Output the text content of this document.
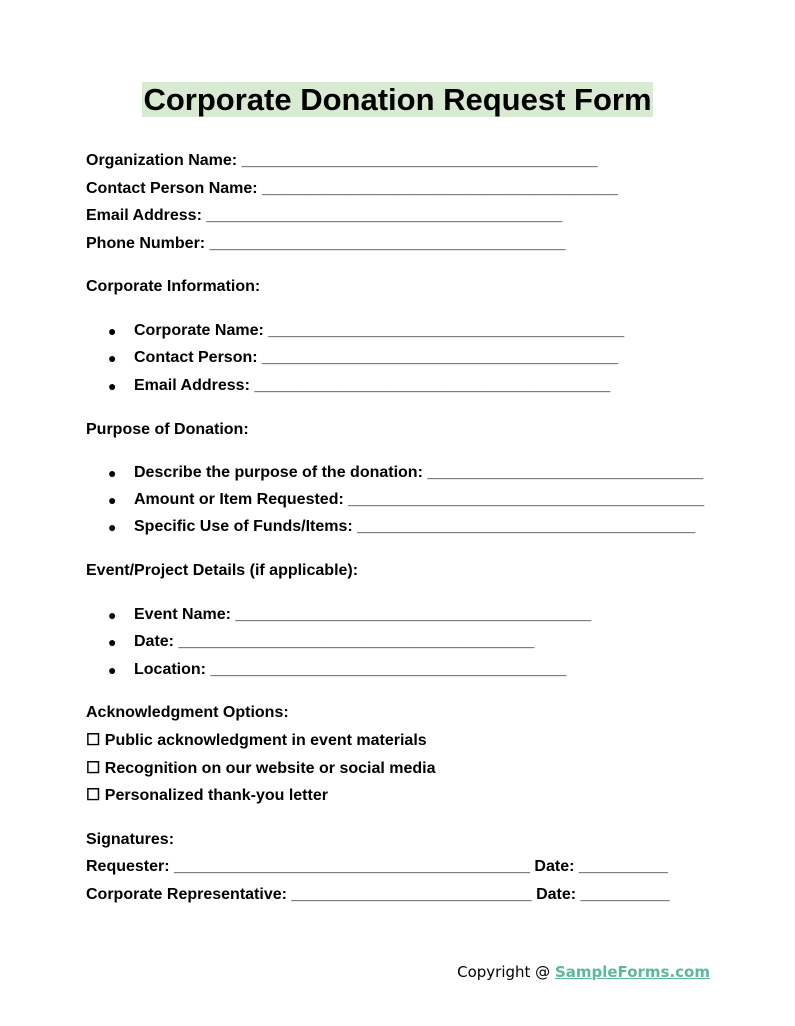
Corporate Donation Request Form
Organization Name: ________________________________________
Contact Person Name: ________________________________________
Email Address: ________________________________________
Phone Number: ________________________________________
Corporate Information:
● Corporate Name: ________________________________________
● Contact Person: ________________________________________
● Email Address: ________________________________________
Purpose of Donation:
● Describe the purpose of the donation: _______________________________
● Amount or Item Requested: ________________________________________
● Specific Use of Funds/Items: ______________________________________
Event/Project Details (if applicable):
● Event Name: ________________________________________
● Date: ________________________________________
● Location: ________________________________________
Acknowledgment Options:
☐ Public acknowledgment in event materials
☐ Recognition on our website or social media
☐ Personalized thank-you letter
Signatures:
Requester: ________________________________________ Date: __________
Corporate Representative: ___________________________ Date: __________
Copyright @ SampleForms.com
